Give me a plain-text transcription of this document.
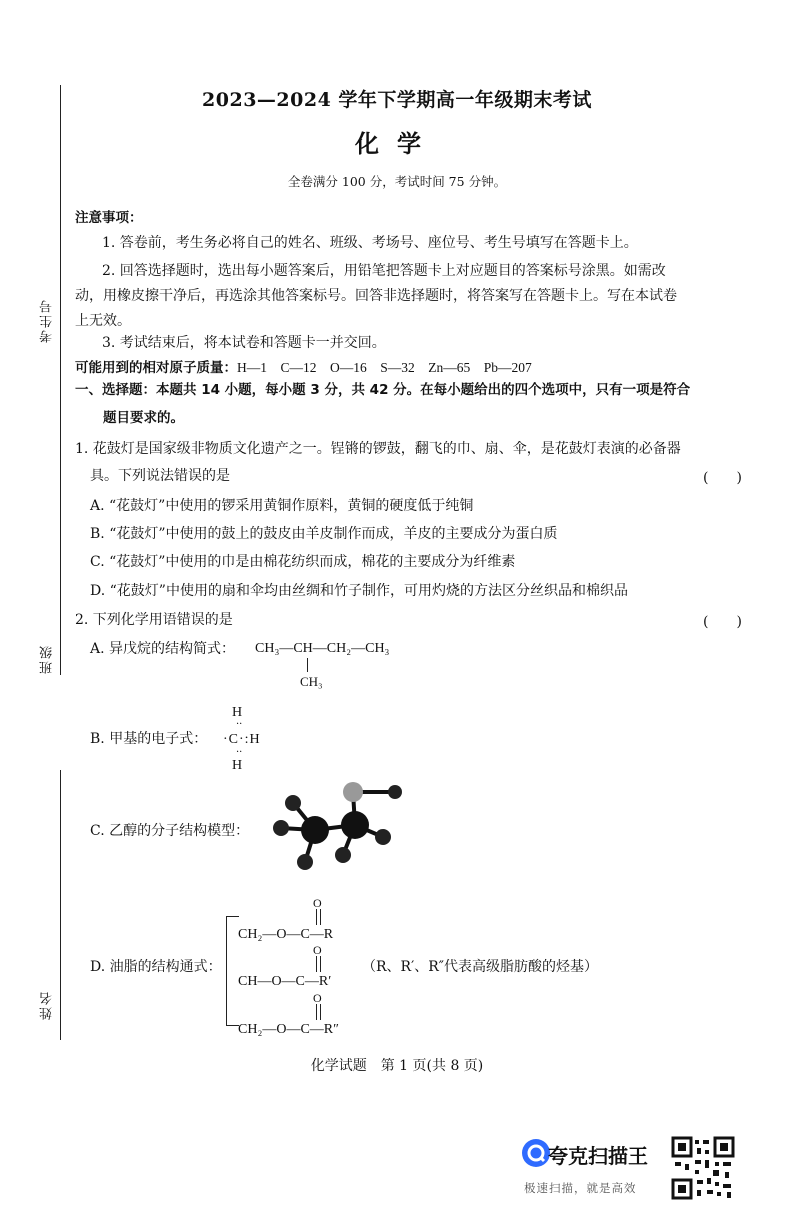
考生号
班级
姓名
2023—2024 学年下学期高一年级期末考试
化学
全卷满分 100 分，考试时间 75 分钟。
注意事项：
1. 答卷前，考生务必将自己的姓名、班级、考场号、座位号、考生号填写在答题卡上。
2. 回答选择题时，选出每小题答案后，用铅笔把答题卡上对应题目的答案标号涂黑。如需改
动，用橡皮擦干净后，再选涂其他答案标号。回答非选择题时，将答案写在答题卡上。写在本试卷
上无效。
3. 考试结束后，将本试卷和答题卡一并交回。
可能用到的相对原子质量：H—1　C—12　O—16　S—32　Zn—65　Pb—207
一、选择题：本题共 14 小题，每小题 3 分，共 42 分。在每小题给出的四个选项中，只有一项是符合
题目要求的。
1. 花鼓灯是国家级非物质文化遗产之一。锃锵的锣鼓，翻飞的巾、扇、伞，是花鼓灯表演的必备器
具。下列说法错误的是	(　　)
A. “花鼓灯”中使用的锣采用黄铜作原料，黄铜的硬度低于纯铜
B. “花鼓灯”中使用的鼓上的鼓皮由羊皮制作而成，羊皮的主要成分为蛋白质
C. “花鼓灯”中使用的巾是由棉花纺织而成，棉花的主要成分为纤维素
D. “花鼓灯”中使用的扇和伞均由丝绸和竹子制作，可用灼烧的方法区分丝织品和棉织品
2. 下列化学用语错误的是	(　　)
A. 异戊烷的结构简式： CH₃—CH—CH₂—CH₃
CH₃
B. 甲基的电子式：
H
·C·:H
H
··
··
C. 乙醇的分子结构模型：
D. 油脂的结构通式：
CH₂—O—C—R
CH—O—C—R′
CH₂—O—C—R″
O
O
O
（R、R′、R″代表高级脂肪酸的烃基）
化学试题　第 1 页(共 8 页)
夸克扫描王
极速扫描，就是高效
